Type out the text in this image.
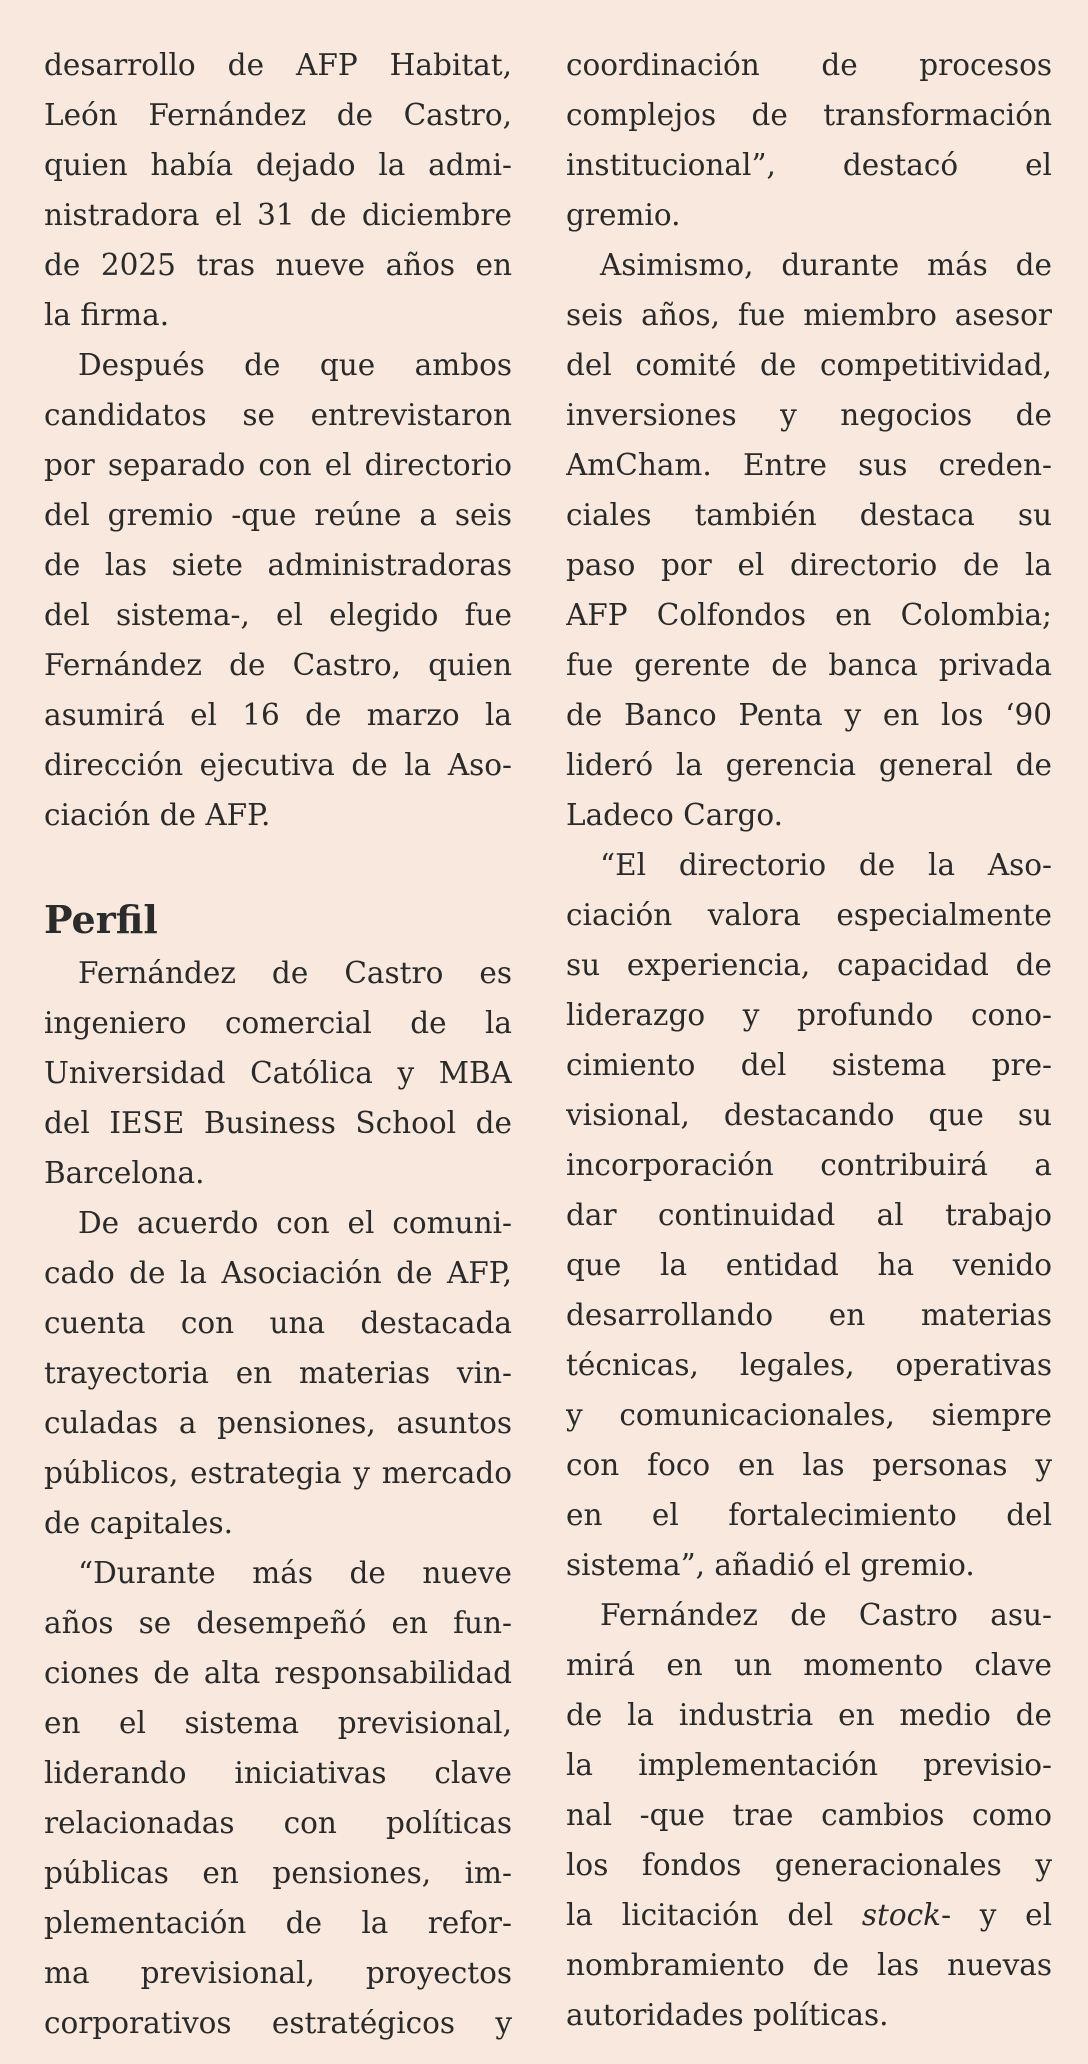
desarrollo de AFP Habitat,
León Fernández de Castro,
quien había dejado la admi-
nistradora el 31 de diciembre
de 2025 tras nueve años en
la firma.
Después de que ambos
candidatos se entrevistaron
por separado con el directorio
del gremio -que reúne a seis
de las siete administradoras
del sistema-, el elegido fue
Fernández de Castro, quien
asumirá el 16 de marzo la
dirección ejecutiva de la Aso-
ciación de AFP.
Perfil
Fernández de Castro es
ingeniero comercial de la
Universidad Católica y MBA
del IESE Business School de
Barcelona.
De acuerdo con el comuni-
cado de la Asociación de AFP,
cuenta con una destacada
trayectoria en materias vin-
culadas a pensiones, asuntos
públicos, estrategia y mercado
de capitales.
“Durante más de nueve
años se desempeñó en fun-
ciones de alta responsabilidad
en el sistema previsional,
liderando iniciativas clave
relacionadas con políticas
públicas en pensiones, im-
plementación de la refor-
ma previsional, proyectos
corporativos estratégicos y
coordinación de procesos
complejos de transformación
institucional”, destacó el
gremio.
Asimismo, durante más de
seis años, fue miembro asesor
del comité de competitividad,
inversiones y negocios de
AmCham. Entre sus creden-
ciales también destaca su
paso por el directorio de la
AFP Colfondos en Colombia;
fue gerente de banca privada
de Banco Penta y en los ‘90
lideró la gerencia general de
Ladeco Cargo.
“El directorio de la Aso-
ciación valora especialmente
su experiencia, capacidad de
liderazgo y profundo cono-
cimiento del sistema pre-
visional, destacando que su
incorporación contribuirá a
dar continuidad al trabajo
que la entidad ha venido
desarrollando en materias
técnicas, legales, operativas
y comunicacionales, siempre
con foco en las personas y
en el fortalecimiento del
sistema”, añadió el gremio.
Fernández de Castro asu-
mirá en un momento clave
de la industria en medio de
la implementación previsio-
nal -que trae cambios como
los fondos generacionales y
la licitación del stock- y el
nombramiento de las nuevas
autoridades políticas.
